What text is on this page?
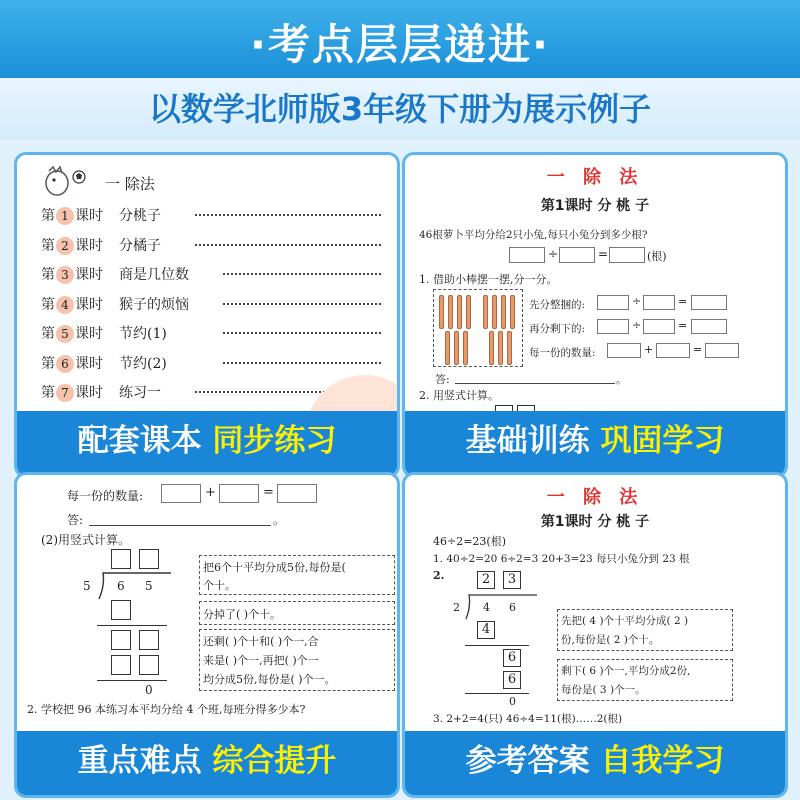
·考点层层递进·
以数学北师版3年级下册为展示例子
一 除法
第 1 课时 分桃子
第 2 课时 分橘子
第 3 课时 商是几位数
第 4 课时 猴子的烦恼
第 5 课时 节约(1)
第 6 课时 节约(2)
第 7 课时 练习一
配套课本 同步练习
一 除 法
第1课时 分 桃 子
46根萝卜平均分给2只小兔,每只小兔分到多少根?
÷	=	(根)
1. 借助小棒摆一摆,分一分。
先分整捆的:	÷	=
再分剩下的:	÷	=
每一份的数量:	+	=
答:	。
2. 用竖式计算。
基础训练 巩固学习
每一份的数量:	+	=
答:	。
(2)用竖式计算。
5 6 5
0
把6个十平均分成5份,每份是(
个十。
分掉了( )个十。
还剩( )个十和( )个一,合
来是( )个一,再把( )个一
均分成5份,每份是( )个一。
2. 学校把 96 本练习本平均分给 4 个班,每班分得多少本?
重点难点 综合提升
一 除 法
第1课时 分 桃 子
46÷2=23(根)
1. 40÷2=20 6÷2=3 20+3=23 每只小兔分到 23 根
2.	2	3
2 4 6
4
6
6
0
先把( 4 )个十平均分成( 2 )
份,每份是( 2 )个十。
剩下( 6 )个一,平均分成2份,
每份是( 3 )个一。
3. 2+2=4(只) 46÷4=11(根)……2(根)
参考答案 自我学习
